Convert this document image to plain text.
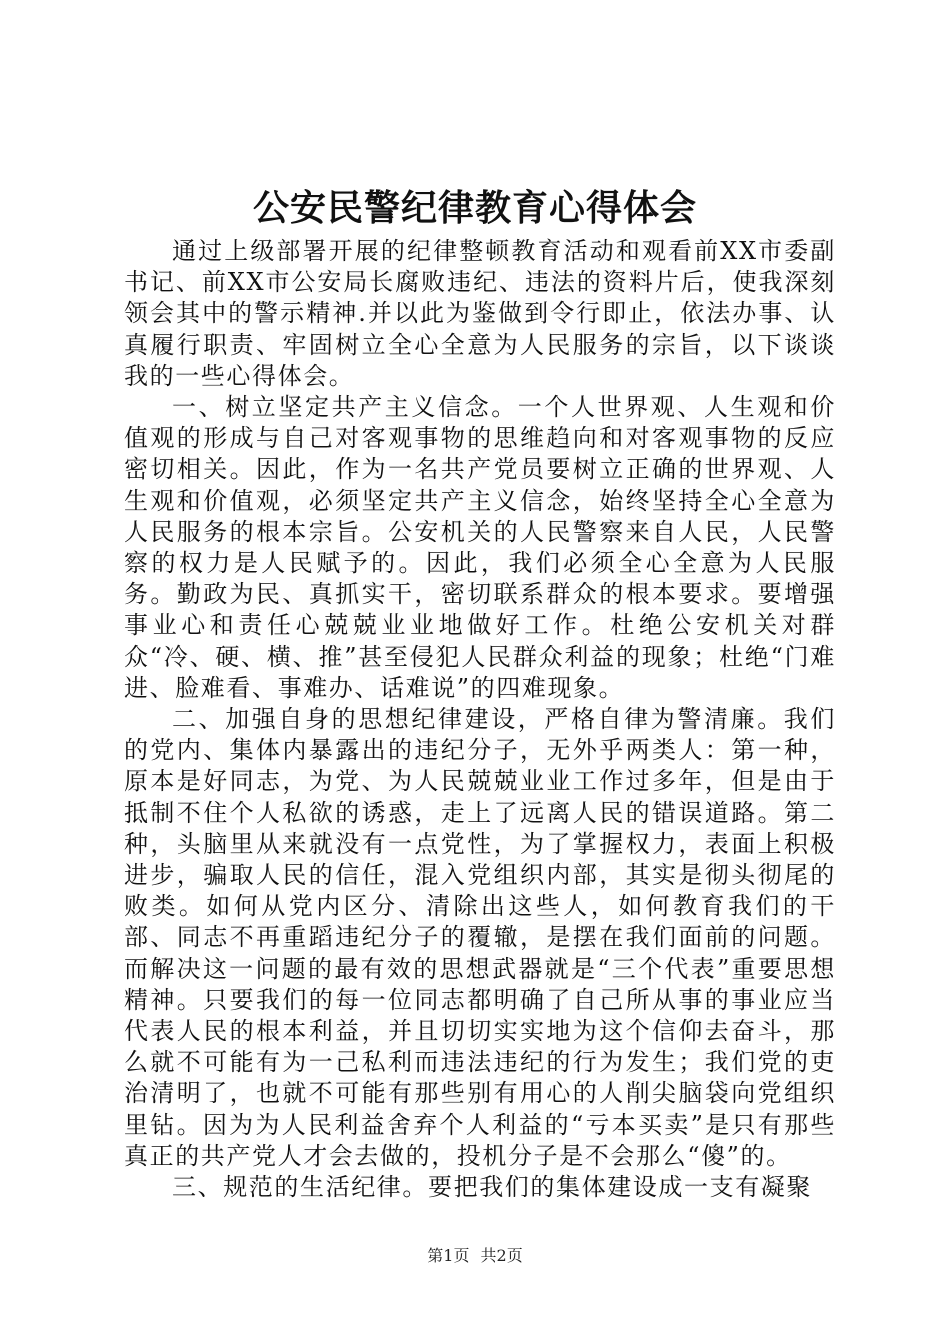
公安民警纪律教育心得体会

通过上级部署开展的纪律整顿教育活动和观看前XX市委副书记、前XX市公安局长腐败违纪、违法的资料片后，使我深刻领会其中的警示精神.并以此为鉴做到令行即止，依法办事、认真履行职责、牢固树立全心全意为人民服务的宗旨，以下谈谈我的一些心得体会。

一、树立坚定共产主义信念。一个人世界观、人生观和价值观的形成与自己对客观事物的思维趋向和对客观事物的反应密切相关。因此，作为一名共产党员要树立正确的世界观、人生观和价值观，必须坚定共产主义信念，始终坚持全心全意为人民服务的根本宗旨。公安机关的人民警察来自人民，人民警察的权力是人民赋予的。因此，我们必须全心全意为人民服务。勤政为民、真抓实干，密切联系群众的根本要求。要增强事业心和责任心兢兢业业地做好工作。杜绝公安机关对群众“冷、硬、横、推”甚至侵犯人民群众利益的现象；杜绝“门难进、脸难看、事难办、话难说”的四难现象。

二、加强自身的思想纪律建设，严格自律为警清廉。我们的党内、集体内暴露出的违纪分子，无外乎两类人：第一种，原本是好同志，为党、为人民兢兢业业工作过多年，但是由于抵制不住个人私欲的诱惑，走上了远离人民的错误道路。第二种，头脑里从来就没有一点党性，为了掌握权力，表面上积极进步，骗取人民的信任，混入党组织内部，其实是彻头彻尾的败类。如何从党内区分、清除出这些人，如何教育我们的干部、同志不再重蹈违纪分子的覆辙，是摆在我们面前的问题。而解决这一问题的最有效的思想武器就是“三个代表”重要思想精神。只要我们的每一位同志都明确了自己所从事的事业应当代表人民的根本利益，并且切切实实地为这个信仰去奋斗，那么就不可能有为一己私利而违法违纪的行为发生；我们党的吏治清明了，也就不可能有那些别有用心的人削尖脑袋向党组织里钻。因为为人民利益舍弃个人利益的“亏本买卖”是只有那些真正的共产党人才会去做的，投机分子是不会那么“傻”的。

三、规范的生活纪律。要把我们的集体建设成一支有凝聚

第1页 共2页
